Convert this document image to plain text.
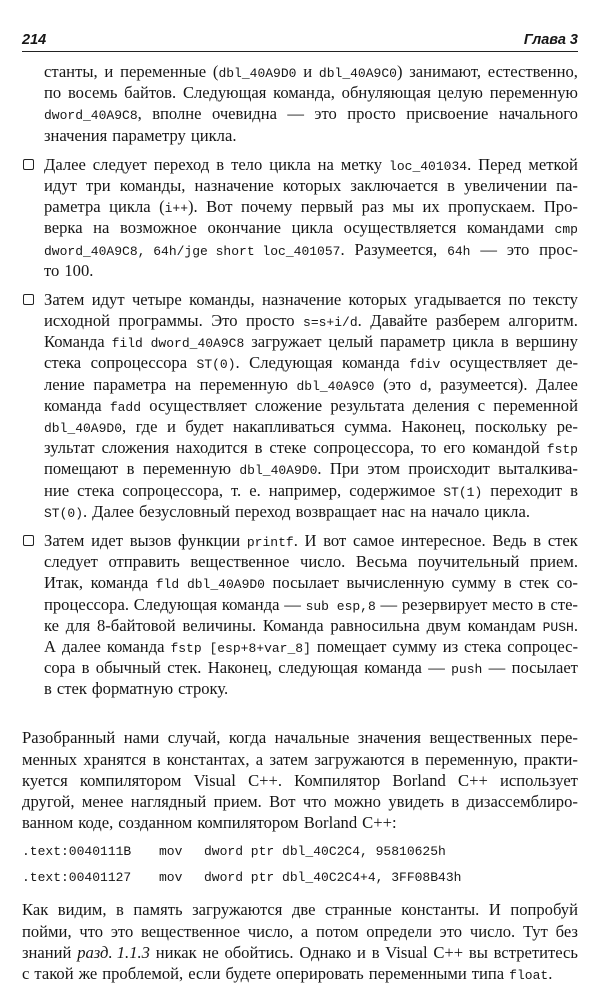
214	Глава 3
станты, и переменные (dbl_40A9D0 и dbl_40A9C0) занимают, естественно,
по восемь байтов. Следующая команда, обнуляющая целую переменную
dword_40A9C8, вполне очевидна — это просто присвоение начального
значения параметру цикла.
Далее следует переход в тело цикла на метку loc_401034. Перед меткой
идут три команды, назначение которых заключается в увеличении па-
раметра цикла (i++). Вот почему первый раз мы их пропускаем. Про-
верка на возможное окончание цикла осуществляется командами cmp
dword_40A9C8, 64h/jge short loc_401057. Разумеется, 64h — это прос-
то 100.
Затем идут четыре команды, назначение которых угадывается по тексту
исходной программы. Это просто s=s+i/d. Давайте разберем алгоритм.
Команда fild dword_40A9C8 загружает целый параметр цикла в вершину
стека сопроцессора ST(0). Следующая команда fdiv осуществляет де-
ление параметра на переменную dbl_40A9C0 (это d, разумеется). Далее
команда fadd осуществляет сложение результата деления с переменной
dbl_40A9D0, где и будет накапливаться сумма. Наконец, поскольку ре-
зультат сложения находится в стеке сопроцессора, то его командой fstp
помещают в переменную dbl_40A9D0. При этом происходит выталкива-
ние стека сопроцессора, т. е. например, содержимое ST(1) переходит в
ST(0). Далее безусловный переход возвращает нас на начало цикла.
Затем идет вызов функции printf. И вот самое интересное. Ведь в стек
следует отправить вещественное число. Весьма поучительный прием.
Итак, команда fld dbl_40A9D0 посылает вычисленную сумму в стек со-
процессора. Следующая команда — sub esp,8 — резервирует место в сте-
ке для 8-байтовой величины. Команда равносильна двум командам PUSH.
А далее команда fstp [esp+8+var_8] помещает сумму из стека сопроцес-
сора в обычный стек. Наконец, следующая команда — push — посылает
в стек форматную строку.
Разобранный нами случай, когда начальные значения вещественных пере-
менных хранятся в константах, а затем загружаются в переменную, практи-
куется компилятором Visual C++. Компилятор Borland C++ использует
другой, менее наглядный прием. Вот что можно увидеть в дизассемблиро-
ванном коде, созданном компилятором Borland C++:
.text:0040111B	mov	dword ptr dbl_40C2C4, 95810625h
.text:00401127	mov	dword ptr dbl_40C2C4+4, 3FF08B43h
Как видим, в память загружаются две странные константы. И попробуй
пойми, что это вещественное число, а потом определи это число. Тут без
знаний разд. 1.1.3 никак не обойтись. Однако и в Visual C++ вы встретитесь
с такой же проблемой, если будете оперировать переменными типа float.
